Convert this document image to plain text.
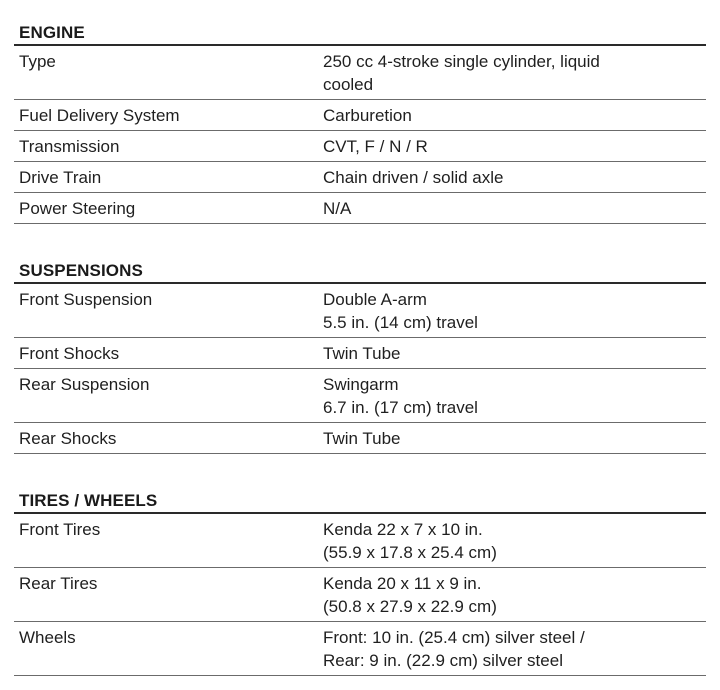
ENGINE
Type	250 cc 4-stroke single cylinder, liquid
cooled
Fuel Delivery System	Carburetion
Transmission	CVT, F / N / R
Drive Train	Chain driven / solid axle
Power Steering	N/A
SUSPENSIONS
Front Suspension	Double A-arm
5.5 in. (14 cm) travel
Front Shocks	Twin Tube
Rear Suspension	Swingarm
6.7 in. (17 cm) travel
Rear Shocks	Twin Tube
TIRES / WHEELS
Front Tires	Kenda 22 x 7 x 10 in.
(55.9 x 17.8 x 25.4 cm)
Rear Tires	Kenda 20 x 11 x 9 in.
(50.8 x 27.9 x 22.9 cm)
Wheels	Front: 10 in. (25.4 cm) silver steel /
Rear: 9 in. (22.9 cm) silver steel
